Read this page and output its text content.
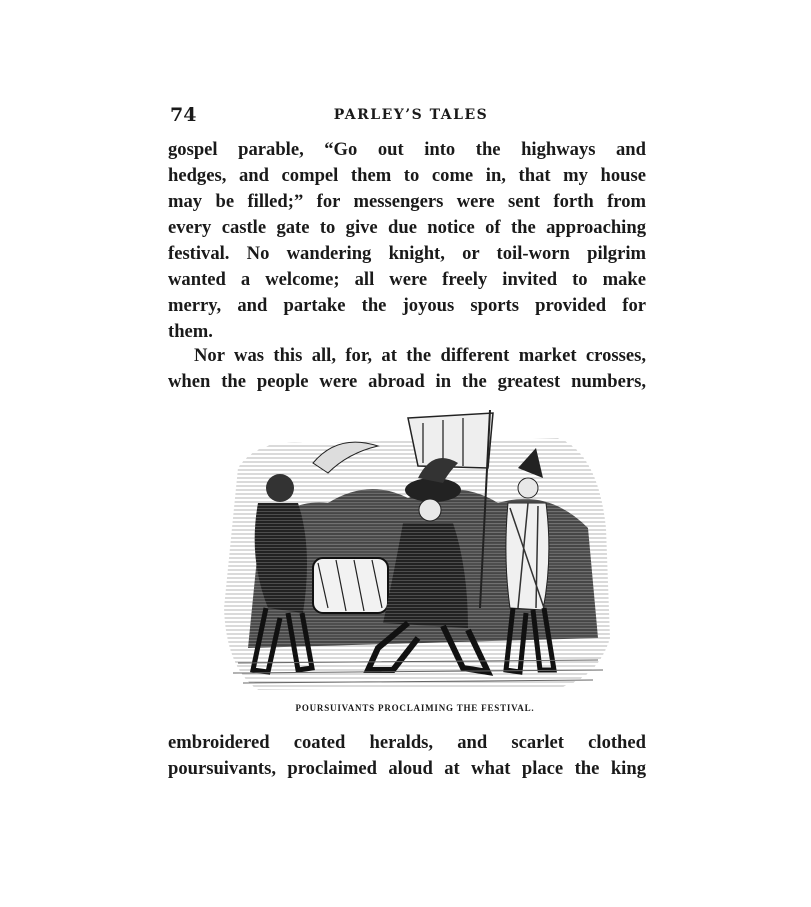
74	PARLEY’S TALES
gospel parable, “Go out into the highways and
hedges, and compel them to come in, that my house
may be filled;” for messengers were sent forth from
every castle gate to give due notice of the approaching
festival. No wandering knight, or toil-worn pilgrim
wanted a welcome; all were freely invited to make
merry, and partake the joyous sports provided for
them.
Nor was this all, for, at the different market crosses,
when the people were abroad in the greatest numbers,
POURSUIVANTS PROCLAIMING THE FESTIVAL.
embroidered coated heralds, and scarlet clothed
poursuivants, proclaimed aloud at what place the king
